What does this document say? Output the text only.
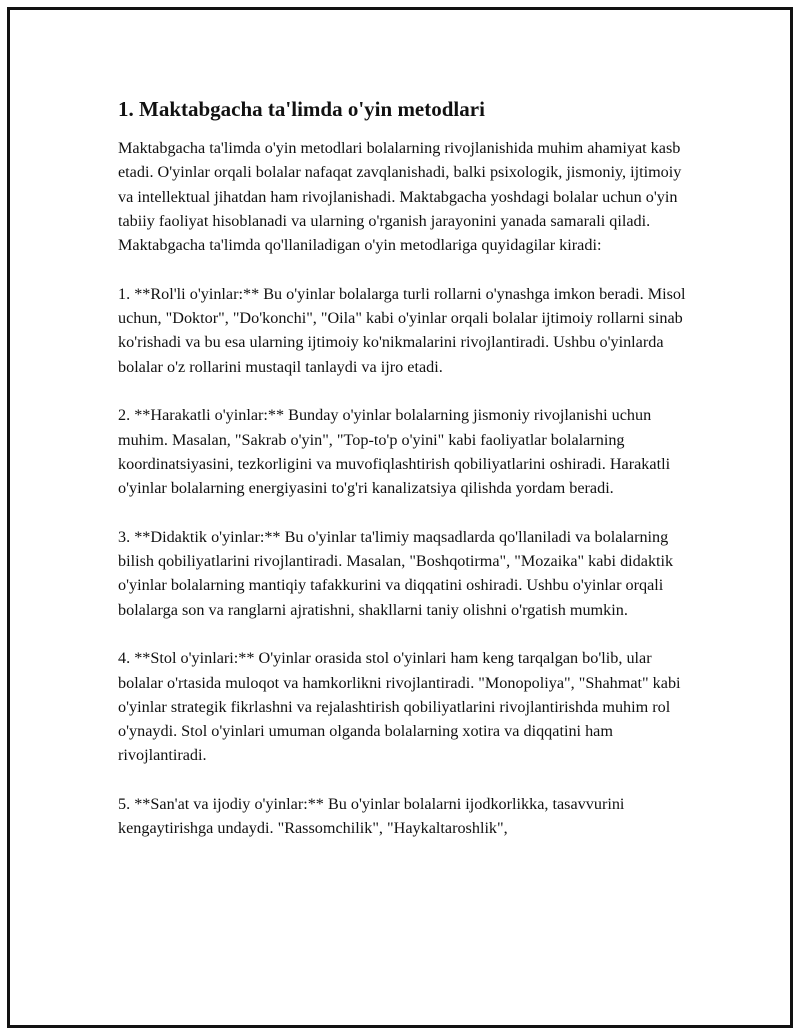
1. Maktabgacha ta'limda o'yin metodlari

Maktabgacha ta'limda o'yin metodlari bolalarning rivojlanishida muhim ahamiyat kasb etadi. O'yinlar orqali bolalar nafaqat zavqlanishadi, balki psixologik, jismoniy, ijtimoiy va intellektual jihatdan ham rivojlanishadi. Maktabgacha yoshdagi bolalar uchun o'yin tabiiy faoliyat hisoblanadi va ularning o'rganish jarayonini yanada samarali qiladi. Maktabgacha ta'limda qo'llaniladigan o'yin metodlariga quyidagilar kiradi:

1. **Rol'li o'yinlar:** Bu o'yinlar bolalarga turli rollarni o'ynashga imkon beradi. Misol uchun, "Doktor", "Do'konchi", "Oila" kabi o'yinlar orqali bolalar ijtimoiy rollarni sinab ko'rishadi va bu esa ularning ijtimoiy ko'nikmalarini rivojlantiradi. Ushbu o'yinlarda bolalar o'z rollarini mustaqil tanlaydi va ijro etadi.

2. **Harakatli o'yinlar:** Bunday o'yinlar bolalarning jismoniy rivojlanishi uchun muhim. Masalan, "Sakrab o'yin", "Top-to'p o'yini" kabi faoliyatlar bolalarning koordinatsiyasini, tezkorligini va muvofiqlashtirish qobiliyatlarini oshiradi. Harakatli o'yinlar bolalarning energiyasini to'g'ri kanalizatsiya qilishda yordam beradi.

3. **Didaktik o'yinlar:** Bu o'yinlar ta'limiy maqsadlarda qo'llaniladi va bolalarning bilish qobiliyatlarini rivojlantiradi. Masalan, "Boshqotirma", "Mozaika" kabi didaktik o'yinlar bolalarning mantiqiy tafakkurini va diqqatini oshiradi. Ushbu o'yinlar orqali bolalarga son va ranglarni ajratishni, shakllarni taniy olishni o'rgatish mumkin.

4. **Stol o'yinlari:** O'yinlar orasida stol o'yinlari ham keng tarqalgan bo'lib, ular bolalar o'rtasida muloqot va hamkorlikni rivojlantiradi. "Monopoliya", "Shahmat" kabi o'yinlar strategik fikrlashni va rejalashtirish qobiliyatlarini rivojlantirishda muhim rol o'ynaydi. Stol o'yinlari umuman olganda bolalarning xotira va diqqatini ham rivojlantiradi.

5. **San'at va ijodiy o'yinlar:** Bu o'yinlar bolalarni ijodkorlikka, tasavvurini kengaytirishga undaydi. "Rassomchilik", "Haykaltaroshlik",
